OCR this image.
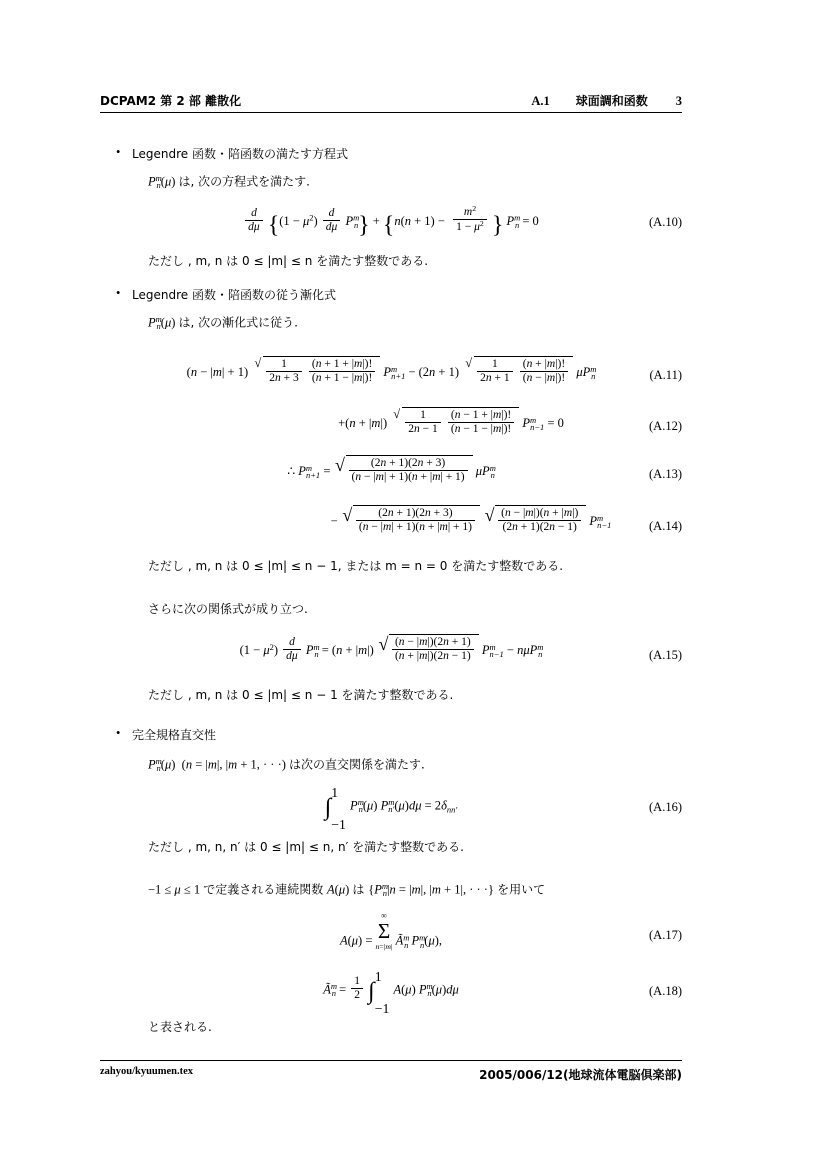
DCPAM2 第 2 部 離散化	A.1 球面調和函数 3
•
Legendre 函数・陪函数の満たす方程式
$P^m_n(\mu)$ は, 次の方程式を満たす.
$\frac{d}{d\mu} \{(1 - \mu^2) \frac{d}{d\mu} P^m_n\} + \{n(n + 1) - \frac{m^2}{1 - \mu^2}$ } $P^m_n = 0$	(A.10)
ただし , m, n は 0 ≤ |m| ≤ n を満たす整数である.
•
Legendre 函数・陪函数の従う漸化式
$P^m_n(\mu)$ は, 次の漸化式に従う.
(n − |m| + 1)
√ $\frac{1}{2n + 3}$
$\frac{(n + 1 + |m|)!}{(n + 1 - |m|)!} P^m_{n+1} - (2n + 1)$
√ $\frac{1}{2n + 1}$
$\frac{(n + |m|)!}{(n - |m|)!} \mu P^m_n$	(A.11)
+(n + |m|)
√ $\frac{1}{2n - 1}$
$\frac{(n - 1 + |m|)!}{(n - 1 - |m|)!} P^m_{n-1} = 0$	(A.12)
∴ $P^m_{n+1}$ = √ $\frac{(2n + 1)(2n + 3)}{(n - |m| + 1)(n + |m| + 1)} \mu P^m_n$	(A.13)
− √ $\frac{(2n + 1)(2n + 3)}{(n - |m| + 1)(n + |m| + 1)}$
√ $\frac{(n - |m|)(n + |m|)}{(2n + 1)(2n - 1)} P^m_{n-1}$	(A.14)
ただし , m, n は 0 ≤ |m| ≤ n − 1, または m = n = 0 を満たす整数である.
さらに次の関係式が成り立つ.
$(1 - \mu^2) \frac{d}{d\mu} P^m_n = (n + |m|)$ √ $\frac{(n - |m|)(2n + 1)}{(n + |m|)(2n - 1)} P^m_{n-1} - n\mu P^m_n$	(A.15)
ただし , m, n は 0 ≤ |m| ≤ n − 1 を満たす整数である.
•
完全規格直交性
$P^m_n(\mu) (n = |m|$, |m + 1, · · ·) は次の直交関係を満たす.
∫
1
−1
$P^m_n(\mu) P^m_{n'}(\mu)d\mu = 2\delta_{nn'}$	(A.16)
ただし , m, n, n′ は 0 ≤ |m| ≤ n, n′ を満たす整数である.
−1 ≤ μ ≤ 1 で定義される連続関数 A(μ) は {$P^m_n|n = |m|$, |m + 1|, · · ·} を用いて
A(μ) =
∞
Σ
n=|m| $Ã^m_n$ $P^m_n(\mu)$,	(A.17)
$Ã^m_n = \frac{1}{2}$ ∫
1
−1
A(μ) $P^m_n(\mu)d\mu$	(A.18)
と表される.
zahyou/kyuumen.tex	2005/006/12(地球流体電脳倶楽部)
